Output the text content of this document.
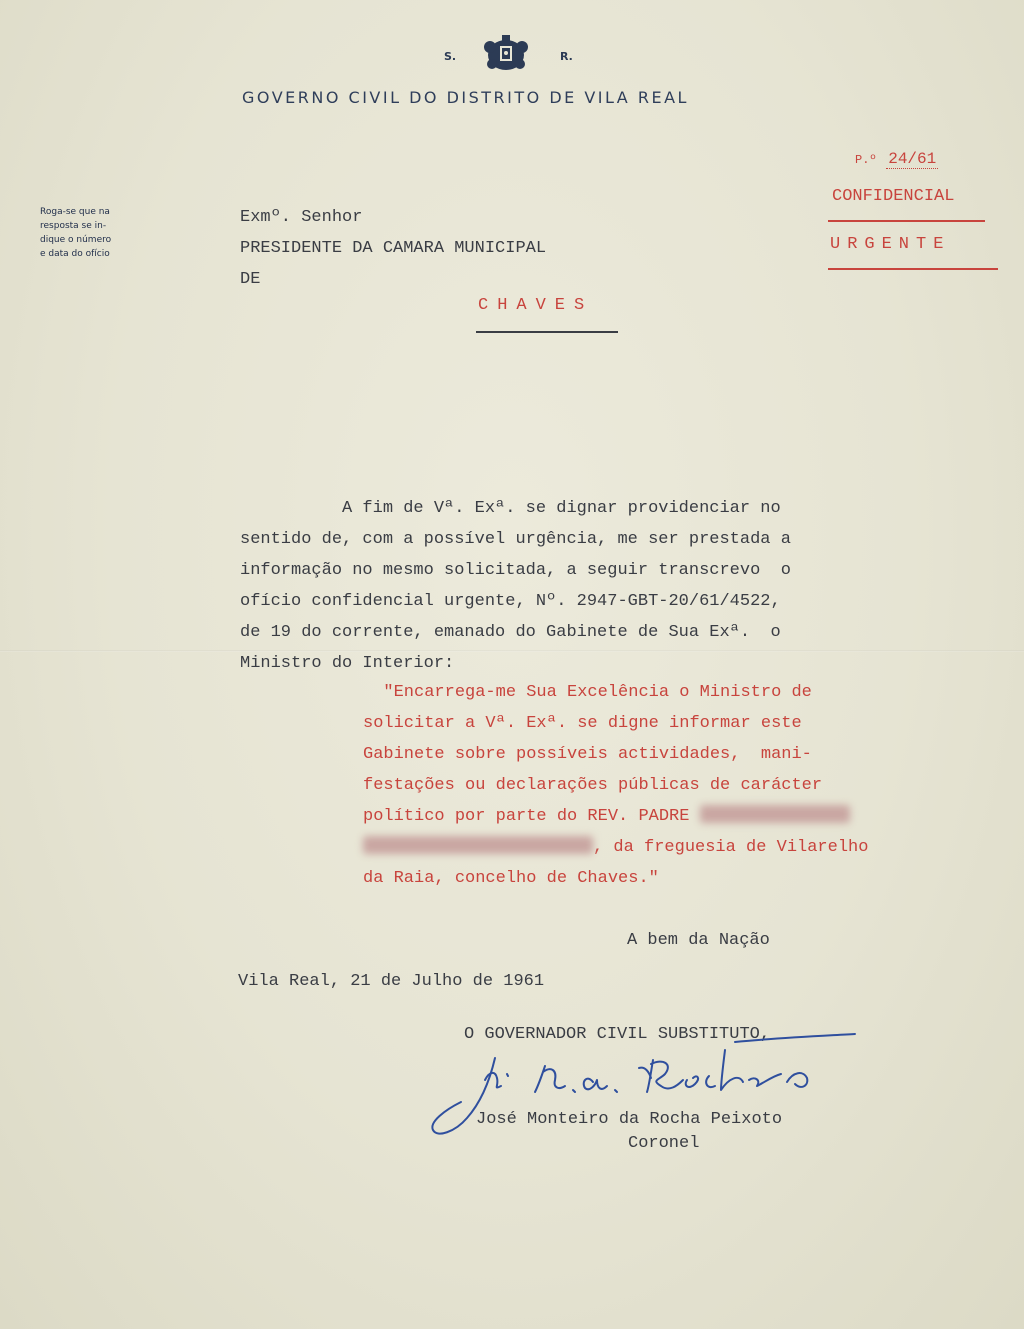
S.	R.
GOVERNO CIVIL DO DISTRITO DE VILA REAL
Roga-se que na
resposta se in-
dique o número
e data do ofício
P.º 24/61
CONFIDENCIAL
URGENTE
Exmº. Senhor
PRESIDENTE DA CAMARA MUNICIPAL
DE
CHAVES
A fim de Vª. Exª. se dignar providenciar no
sentido de, com a possível urgência, me ser prestada a
informação no mesmo solicitada, a seguir transcrevo  o
ofício confidencial urgente, Nº. 2947-GBT-20/61/4522,
de 19 do corrente, emanado do Gabinete de Sua Exª.  o
Ministro do Interior:
"Encarrega-me Sua Excelência o Ministro de
solicitar a Vª. Exª. se digne informar este
Gabinete sobre possíveis actividades,  mani-
festações ou declarações públicas de carácter
político por parte do REV. PADRE
, da freguesia de Vilarelho
da Raia, concelho de Chaves."
A bem da Nação
Vila Real, 21 de Julho de 1961
O GOVERNADOR CIVIL SUBSTITUTO,
José Monteiro da Rocha Peixoto
Coronel
